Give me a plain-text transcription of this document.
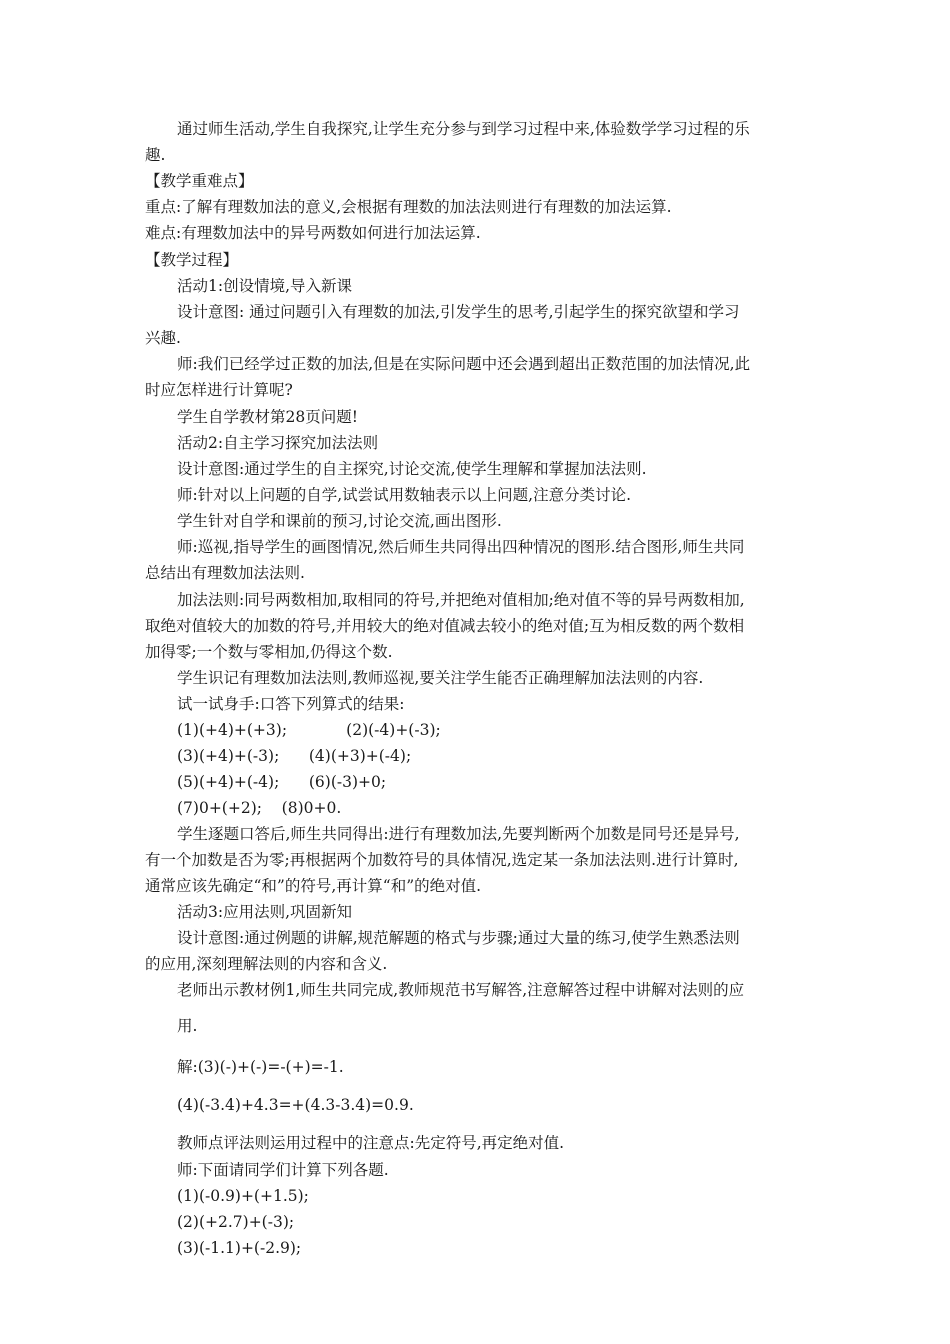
通过师生活动,学生自我探究,让学生充分参与到学习过程中来,体验数学学习过程的乐
趣.
【教学重难点】
重点:了解有理数加法的意义,会根据有理数的加法法则进行有理数的加法运算.
难点:有理数加法中的异号两数如何进行加法运算.
【教学过程】
活动1:创设情境,导入新课
设计意图: 通过问题引入有理数的加法,引发学生的思考,引起学生的探究欲望和学习
兴趣.
师:我们已经学过正数的加法,但是在实际问题中还会遇到超出正数范围的加法情况,此
时应怎样进行计算呢?
学生自学教材第28页问题!
活动2:自主学习探究加法法则
设计意图:通过学生的自主探究,讨论交流,使学生理解和掌握加法法则.
师:针对以上问题的自学,试尝试用数轴表示以上问题,注意分类讨论.
学生针对自学和课前的预习,讨论交流,画出图形.
师:巡视,指导学生的画图情况,然后师生共同得出四种情况的图形.结合图形,师生共同
总结出有理数加法法则.
加法法则:同号两数相加,取相同的符号,并把绝对值相加;绝对值不等的异号两数相加,
取绝对值较大的加数的符号,并用较大的绝对值减去较小的绝对值;互为相反数的两个数相
加得零;一个数与零相加,仍得这个数.
学生识记有理数加法法则,教师巡视,要关注学生能否正确理解加法法则的内容.
试一试身手:口答下列算式的结果:
(1)(+4)+(+3);            (2)(-4)+(-3);
(3)(+4)+(-3);      (4)(+3)+(-4);
(5)(+4)+(-4);      (6)(-3)+0;
(7)0+(+2);    (8)0+0.
学生逐题口答后,师生共同得出:进行有理数加法,先要判断两个加数是同号还是异号,
有一个加数是否为零;再根据两个加数符号的具体情况,选定某一条加法法则.进行计算时,
通常应该先确定“和”的符号,再计算“和”的绝对值.
活动3:应用法则,巩固新知
设计意图:通过例题的讲解,规范解题的格式与步骤;通过大量的练习,使学生熟悉法则
的应用,深刻理解法则的内容和含义.
老师出示教材例1,师生共同完成,教师规范书写解答,注意解答过程中讲解对法则的应
用.
解:(3)(-)+(-)=-(+)=-1.
(4)(-3.4)+4.3=+(4.3-3.4)=0.9.
教师点评法则运用过程中的注意点:先定符号,再定绝对值.
师:下面请同学们计算下列各题.
(1)(-0.9)+(+1.5);
(2)(+2.7)+(-3);
(3)(-1.1)+(-2.9);
